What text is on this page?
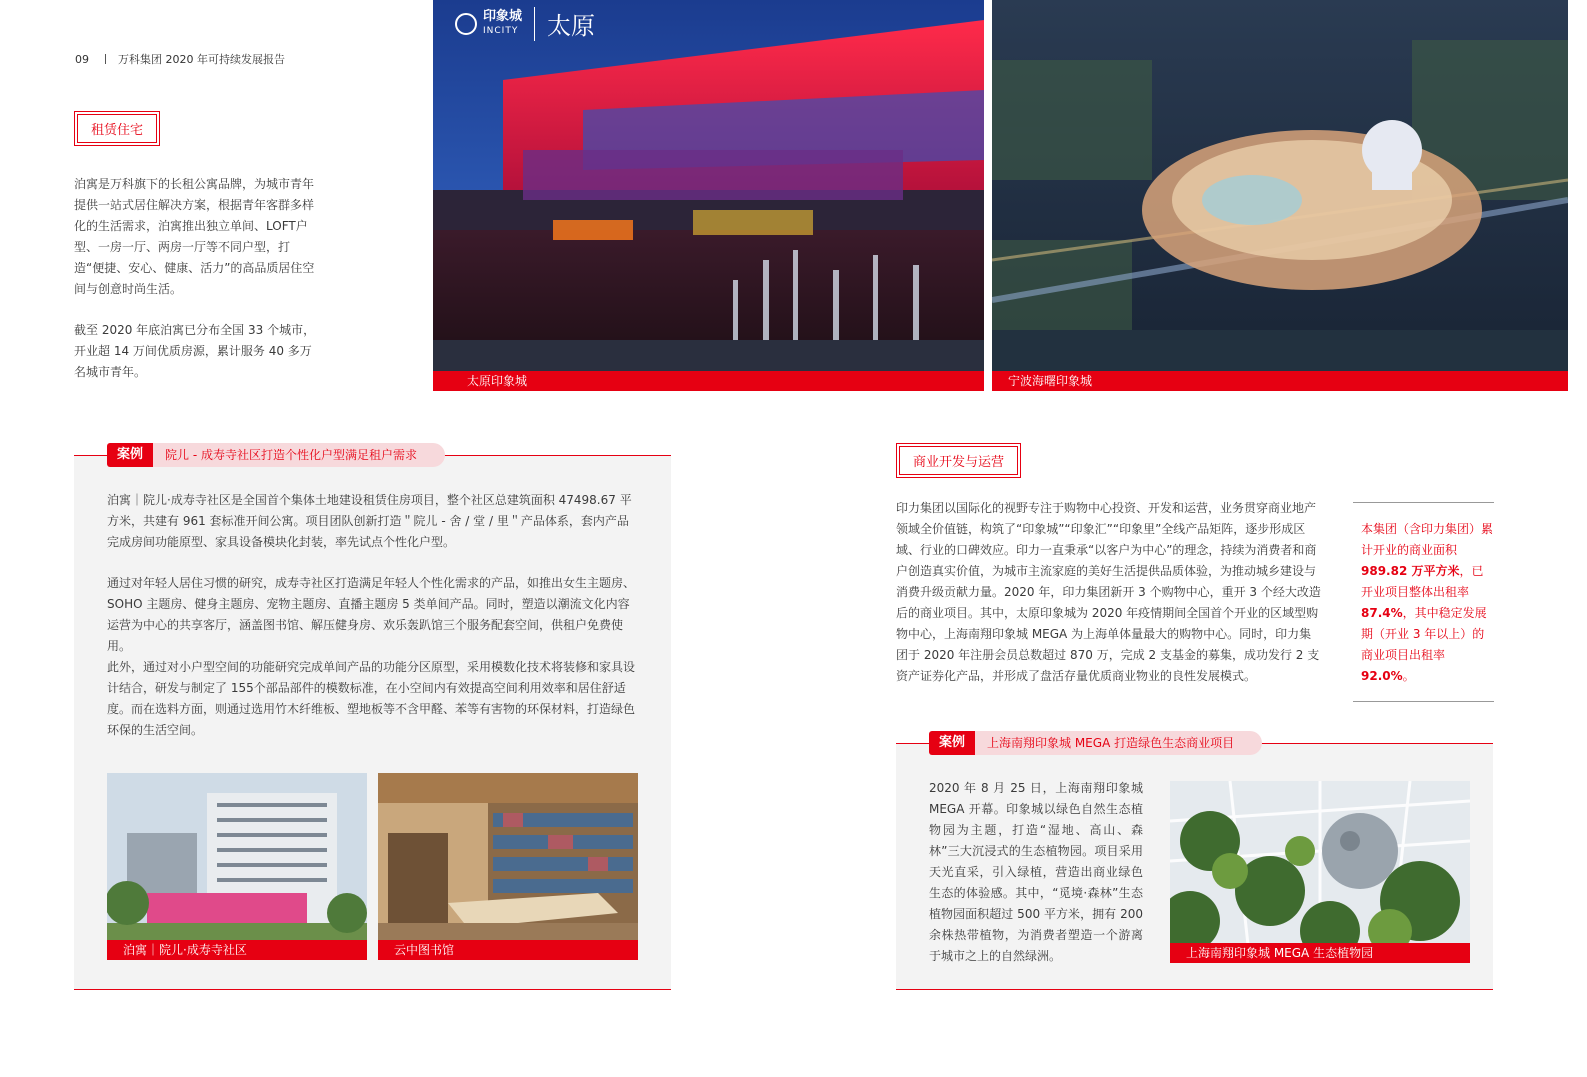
09	万科集团 2020 年可持续发展报告
租赁住宅

泊寓是万科旗下的长租公寓品牌，为城市青年提供一站式居住解决方案，根据青年客群多样化的生活需求，泊寓推出独立单间、LOFT户型、一房一厅、两房一厅等不同户型，打造“便捷、安心、健康、活力”的高品质居住空间与创意时尚生活。

截至 2020 年底泊寓已分布全国 33 个城市，开业超 14 万间优质房源，累计服务 40 多万名城市青年。

印象城
INCITY 太原
太原印象城	宁波海曙印象城
案例	院儿 - 成寿寺社区打造个性化户型满足租户需求

泊寓｜院儿·成寿寺社区是全国首个集体土地建设租赁住房项目，整个社区总建筑面积 47498.67 平方米，共建有 961 套标准开间公寓。项目团队创新打造＂院儿 - 舍 / 堂 / 里＂产品体系，套内产品完成房间功能原型、家具设备模块化封装，率先试点个性化户型。

通过对年轻人居住习惯的研究，成寿寺社区打造满足年轻人个性化需求的产品，如推出女生主题房、SOHO 主题房、健身主题房、宠物主题房、直播主题房 5 类单间产品。同时，塑造以潮流文化内容运营为中心的共享客厅，涵盖图书馆、解压健身房、欢乐轰趴馆三个服务配套空间，供租户免费使用。

此外，通过对小户型空间的功能研究完成单间产品的功能分区原型，采用模数化技术将装修和家具设计结合，研发与制定了 155个部品部件的模数标准，在小空间内有效提高空间利用效率和居住舒适度。而在选料方面，则通过选用竹木纤维板、塑地板等不含甲醛、苯等有害物的环保材料，打造绿色环保的生活空间。

泊寓｜院儿·成寿寺社区	云中图书馆
商业开发与运营

印力集团以国际化的视野专注于购物中心投资、开发和运营，业务贯穿商业地产领域全价值链，构筑了“印象城”“印象汇”“印象里”全线产品矩阵，逐步形成区域、行业的口碑效应。印力一直秉承“以客户为中心”的理念，持续为消费者和商户创造真实价值，为城市主流家庭的美好生活提供品质体验，为推动城乡建设与消费升级贡献力量。2020 年，印力集团新开 3 个购物中心，重开 3 个经大改造后的商业项目。其中，太原印象城为 2020 年疫情期间全国首个开业的区域型购物中心，上海南翔印象城 MEGA 为上海单体量最大的购物中心。同时，印力集团于 2020 年注册会员总数超过 870 万，完成 2 支基金的募集，成功发行 2 支资产证券化产品，并形成了盘活存量优质商业物业的良性发展模式。

本集团（含印力集团）累计开业的商业面积989.82 万平方米，已开业项目整体出租率87.4%，其中稳定发展期（开业 3 年以上）的商业项目出租率92.0%。
案例	上海南翔印象城 MEGA 打造绿色生态商业项目

2020 年 8 月 25 日，上海南翔印象城 MEGA 开幕。印象城以绿色自然生态植物园为主题，打造“湿地、高山、森林”三大沉浸式的生态植物园。项目采用天光直采，引入绿植，营造出商业绿色生态的体验感。其中，“觅境·森林”生态植物园面积超过 500 平方米，拥有 200 余株热带植物，为消费者塑造一个游离于城市之上的自然绿洲。	上海南翔印象城 MEGA 生态植物园
